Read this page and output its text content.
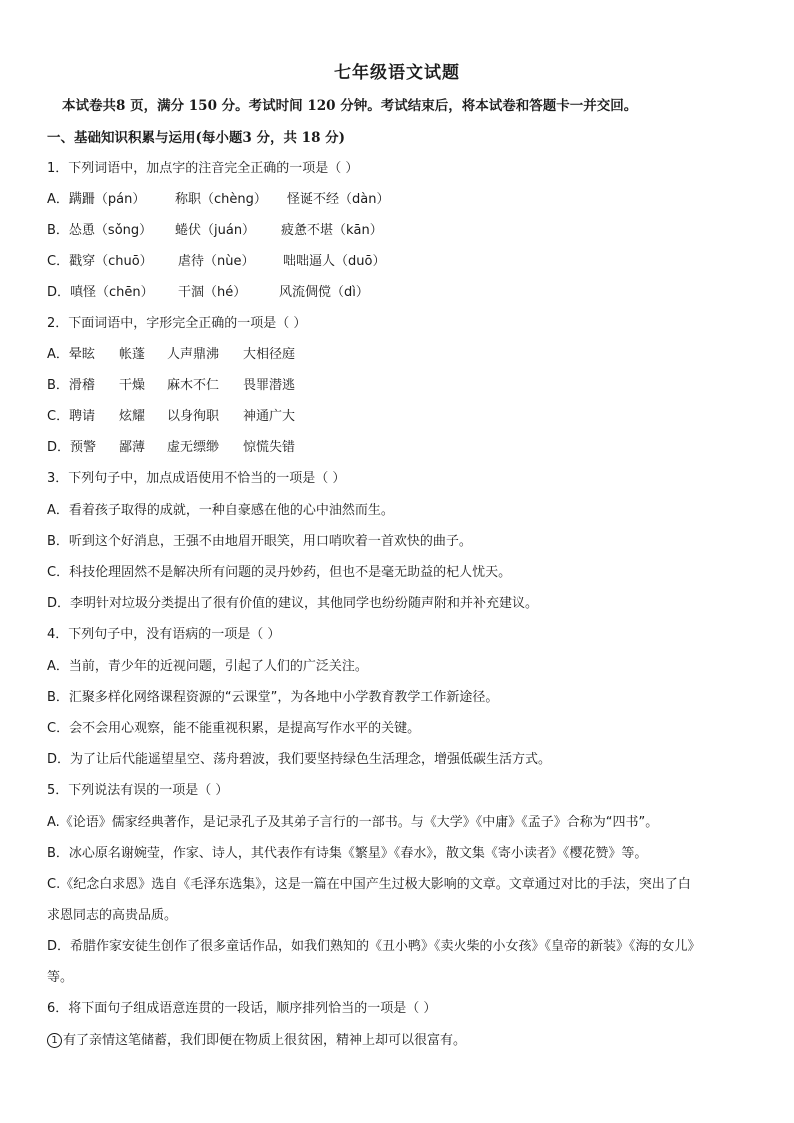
七年级语文试题
本试卷共8 页，满分 150 分。考试时间 120 分钟。考试结束后，将本试卷和答题卡一并交回。
一、基础知识积累与运用(每小题3 分，共 18 分)
1．下列词语中，加点字的注音完全正确的一项是（ ）
A．蹒跚（pán） 称职（chèng） 怪诞不经（dàn）
B．怂恿（sǒng） 蜷伏（juán） 疲惫不堪（kān）
C．戳穿（chuō） 虐待（nùe） 咄咄逼人（duō）
D．嗔怪（chēn） 干涸（hé）	风流倜傥（dì）
2．下面词语中，字形完全正确的一项是（ ）
A．晕眩 帐蓬 人声鼎沸 大相径庭
B．滑稽 干燥 麻木不仁 畏罪潜逃
C．聘请 炫耀 以身徇职 神通广大
D．预警 鄙薄 虚无缥缈 惊慌失错
3．下列句子中，加点成语使用不恰当的一项是（ ）
A．看着孩子取得的成就，一种自豪感在他的心中油然而生。
B．听到这个好消息，王强不由地眉开眼笑，用口哨吹着一首欢快的曲子。
C．科技伦理固然不是解决所有问题的灵丹妙药，但也不是毫无助益的杞人忧天。
D．李明针对垃圾分类提出了很有价值的建议，其他同学也纷纷随声附和并补充建议。
4．下列句子中，没有语病的一项是（ ）
A．当前，青少年的近视问题，引起了人们的广泛关注。
B．汇聚多样化网络课程资源的“云课堂”，为各地中小学教育教学工作新途径。
C．会不会用心观察，能不能重视积累，是提高写作水平的关键。
D．为了让后代能遥望星空、荡舟碧波，我们要坚持绿色生活理念，增强低碳生活方式。
5．下列说法有误的一项是（ ）
A.《论语》儒家经典著作，是记录孔子及其弟子言行的一部书。与《大学》《中庸》《孟子》合称为“四书”。
B．冰心原名谢婉莹，作家、诗人，其代表作有诗集《繁星》《春水》，散文集《寄小读者》《樱花赞》等。
C.《纪念白求恩》选自《毛泽东选集》，这是一篇在中国产生过极大影响的文章。文章通过对比的手法，突出了白
求恩同志的高贵品质。
D．希腊作家安徒生创作了很多童话作品，如我们熟知的《丑小鸭》《卖火柴的小女孩》《皇帝的新装》《海的女儿》
等。
6．将下面句子组成语意连贯的一段话，顺序排列恰当的一项是（ ）
1 有了亲情这笔储蓄，我们即便在物质上很贫困，精神上却可以很富有。
